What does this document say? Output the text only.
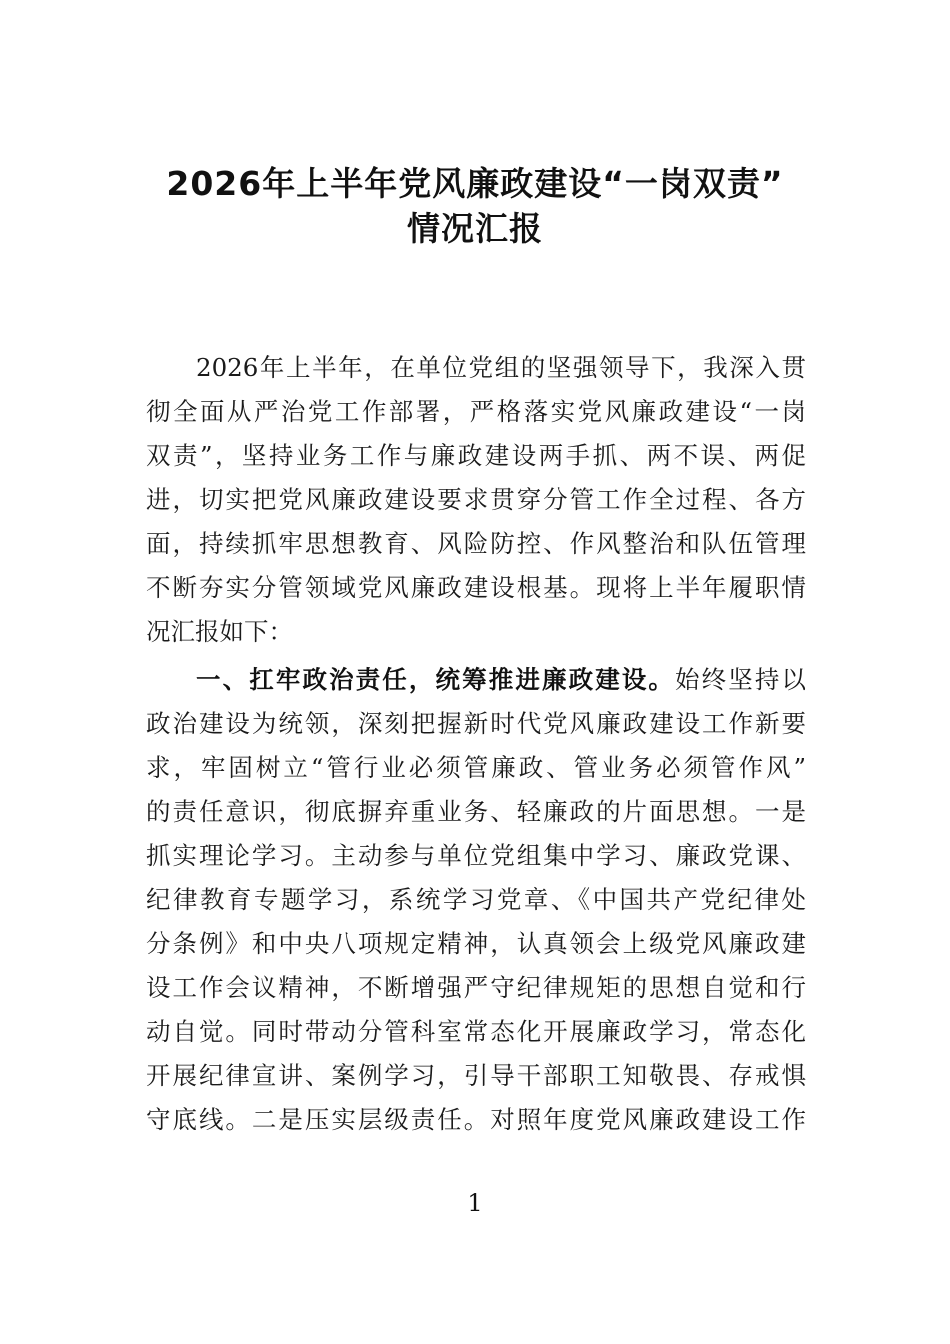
2026年上半年党风廉政建设“一岗双责”
情况汇报
2026年上半年，在单位党组的坚强领导下，我深入贯
彻全面从严治党工作部署，严格落实党风廉政建设“一岗
双责”，坚持业务工作与廉政建设两手抓、两不误、两促
进，切实把党风廉政建设要求贯穿分管工作全过程、各方
面，持续抓牢思想教育、风险防控、作风整治和队伍管理
不断夯实分管领域党风廉政建设根基。现将上半年履职情
况汇报如下：
一、扛牢政治责任，统筹推进廉政建设。始终坚持以
政治建设为统领，深刻把握新时代党风廉政建设工作新要
求，牢固树立“管行业必须管廉政、管业务必须管作风”
的责任意识，彻底摒弃重业务、轻廉政的片面思想。一是
抓实理论学习。主动参与单位党组集中学习、廉政党课、
纪律教育专题学习，系统学习党章、《中国共产党纪律处
分条例》和中央八项规定精神，认真领会上级党风廉政建
设工作会议精神，不断增强严守纪律规矩的思想自觉和行
动自觉。同时带动分管科室常态化开展廉政学习，常态化
开展纪律宣讲、案例学习，引导干部职工知敬畏、存戒惧
守底线。二是压实层级责任。对照年度党风廉政建设工作
1
